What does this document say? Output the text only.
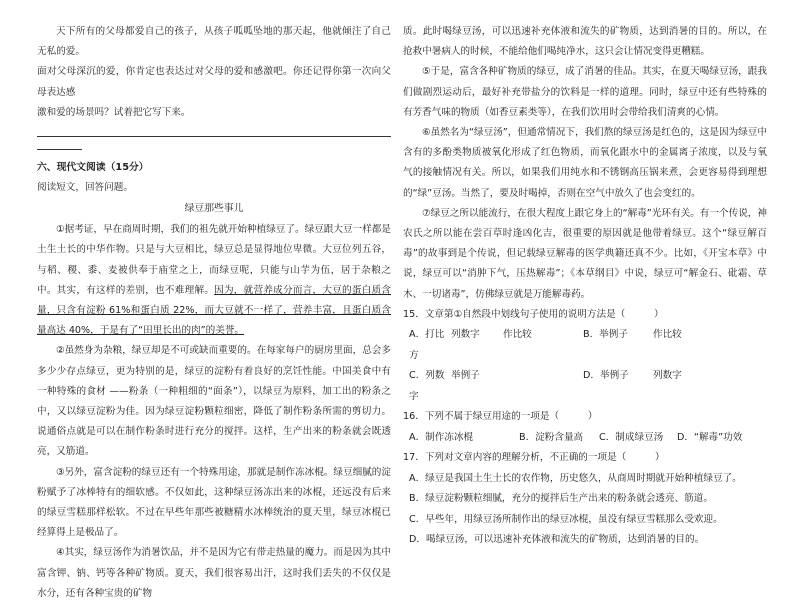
天下所有的父母都爱自己的孩子，从孩子呱呱坠地的那天起，他就倾注了自己无私的爱。

面对父母深沉的爱，你肯定也表达过对父母的爱和感激吧。你还记得你第一次向父母表达感

激和爱的场景吗？试着把它写下来。

六、现代文阅读（15分）

阅读短文，回答问题。

绿豆那些事儿

①据考证，早在商周时期，我们的祖先就开始种植绿豆了。绿豆跟大豆一样都是土生土长的中华作物。只是与大豆相比，绿豆总是显得地位卑微。大豆位列五谷，与稻、稷、黍、麦被供奉于庙堂之上，而绿豆呢，只能与山芋为伍，居于杂粮之中。其实，有这样的差别，也不难理解。因为，就营养成分而言，大豆的蛋白质含量，只含有淀粉 61%和蛋白质 22%，而大豆就不一样了，营养丰富，且蛋白质含量高达 40%，于是有了“田里长出的肉”的美誉。

②虽然身为杂粮，绿豆却是不可或缺而重要的。在每家每户的厨房里面，总会多多少少存点绿豆，更为特别的是，绿豆的淀粉有着良好的烹饪性能。中国美食中有一种特殊的食材 ——粉条（一种粗细的“面条”），以绿豆为原料，加工出的粉条之中，又以绿豆淀粉为佳。因为绿豆淀粉颗粒细密，降低了制作粉条所需的剪切力。说通俗点就是可以在制作粉条时进行充分的搅拌。这样，生产出来的粉条就会既透亮，又筋道。

③另外，富含淀粉的绿豆还有一个特殊用途，那就是制作冻冰棍。绿豆细腻的淀粉赋予了冰棒特有的细软感。不仅如此，这种绿豆汤冻出来的冰棍，还远没有后来的绿豆雪糕那样松软。不过在早些年那些被糖精水冰棒统治的夏天里，绿豆冰棍已经算得上是极品了。

④其实，绿豆汤作为消暑饮品，并不是因为它有带走热量的魔力。而是因为其中富含钾、钠、钙等各种矿物质。夏天，我们很容易出汗，这时我们丢失的不仅仅是水分，还有各种宝贵的矿物

质。此时喝绿豆汤，可以迅速补充体液和流失的矿物质，达到消暑的目的。所以，在抢救中暑病人的时候，不能给他们喝纯净水，这只会让情况变得更糟糕。

⑤于是，富含各种矿物质的绿豆，成了消暑的佳品。其实，在夏天喝绿豆汤，跟我们做剧烈运动后，最好补充带盐分的饮料是一样的道理。同时，绿豆中还有些特殊的有芳香气味的物质（如香豆素类等），在我们饮用时会带给我们清爽的心情。

⑥虽然名为“绿豆汤”，但通常情况下，我们熬的绿豆汤是红色的，这是因为绿豆中含有的多酚类物质被氧化形成了红色物质，而氧化跟水中的金属离子浓度，以及与氧气的接触情况有关。所以，如果我们用纯水和不锈钢高压锅来煮，会更容易得到理想的“绿”豆汤。当然了，要及时喝掉，否则在空气中放久了也会变红的。

⑦绿豆之所以能流行，在很大程度上跟它身上的“解毒”光环有关。有一个传说，神农氏之所以能在尝百草时逢凶化吉，很重要的原因就是他带着绿豆。这个“绿豆解百毒”的故事到是个传说，但记载绿豆解毒的医学典籍还真不少。比如，《开宝本草》中说，绿豆可以“消肿下气，压热解毒”；《本草纲目》中说，绿豆可“解金石、砒霜、草木、一切诸毒”，仿佛绿豆就是万能解毒药。

15．文章第①自然段中划线句子使用的说明方法是（　　　）
A．打比方
列数字	作比较	B．举例子	作比较
C．列数字
举例子	D．举例子	列数字
16．下列不属于绿豆用途的一项是（　　　）
A．制作冻冰棍	B．淀粉含量高	C．制成绿豆汤	D．“解毒”功效
17．下列对文章内容的理解分析，不正确的一项是（　　　）
A．绿豆是我国土生土长的农作物，历史悠久，从商周时期就开始种植绿豆了。
B．绿豆淀粉颗粒细腻，充分的搅拌后生产出来的粉条就会透亮、筋道。
C．早些年，用绿豆汤所制作出的绿豆冰棍，虽没有绿豆雪糕那么受欢迎。
D．喝绿豆汤，可以迅速补充体液和流失的矿物质，达到消暑的目的。
